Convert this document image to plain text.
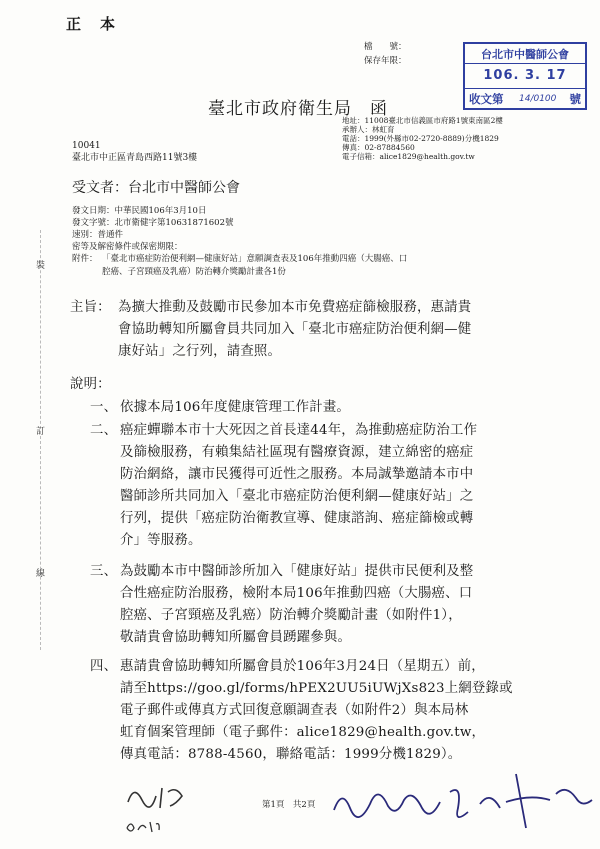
正　本
檔　　號：
保存年限：	台北市中醫師公會
106. 3. 17
收文第 14/0100 號
臺北市政府衛生局　函
地址：11008臺北市信義區市府路1號東南區2樓
承辦人：林虹育
電話：1999(外縣市02-2720-8889)分機1829
傳真：02-87884560
電子信箱：alice1829@health.gov.tw
10041
臺北市中正區青島西路11號3樓
受文者：台北市中醫師公會
發文日期：中華民國106年3月10日
發文字號：北市衛健字第10631871602號
速別：普通件
密等及解密條件或保密期限：
附件： 「臺北市癌症防治便利網—健康好站」意願調查表及106年推動四癌（大腸癌、口
腔癌、子宮頸癌及乳癌）防治轉介獎勵計畫各1份
主旨： 為擴大推動及鼓勵市民參加本市免費癌症篩檢服務，惠請貴
會協助轉知所屬會員共同加入「臺北市癌症防治便利網—健
康好站」之行列，請查照。
說明：
一、 依據本局106年度健康管理工作計畫。
二、 癌症蟬聯本市十大死因之首長達44年，為推動癌症防治工作
及篩檢服務，有賴集結社區現有醫療資源，建立綿密的癌症
防治網絡，讓市民獲得可近性之服務。本局誠摯邀請本市中
醫師診所共同加入「臺北市癌症防治便利網—健康好站」之
行列，提供「癌症防治衛教宣導、健康諮詢、癌症篩檢或轉
介」等服務。
三、 為鼓勵本市中醫師診所加入「健康好站」提供市民便利及整
合性癌症防治服務，檢附本局106年推動四癌（大腸癌、口
腔癌、子宮頸癌及乳癌）防治轉介獎勵計畫（如附件1），
敬請貴會協助轉知所屬會員踴躍參與。
四、 惠請貴會協助轉知所屬會員於106年3月24日（星期五）前，
請至https://goo.gl/forms/hPEX2UU5iUWjXs823上網登錄或
電子郵件或傳真方式回復意願調查表（如附件2）與本局林
虹育個案管理師（電子郵件：alice1829@health.gov.tw，
傳真電話：8788-4560，聯絡電話：1999分機1829）。
裝
訂
線
第1頁　共2頁
